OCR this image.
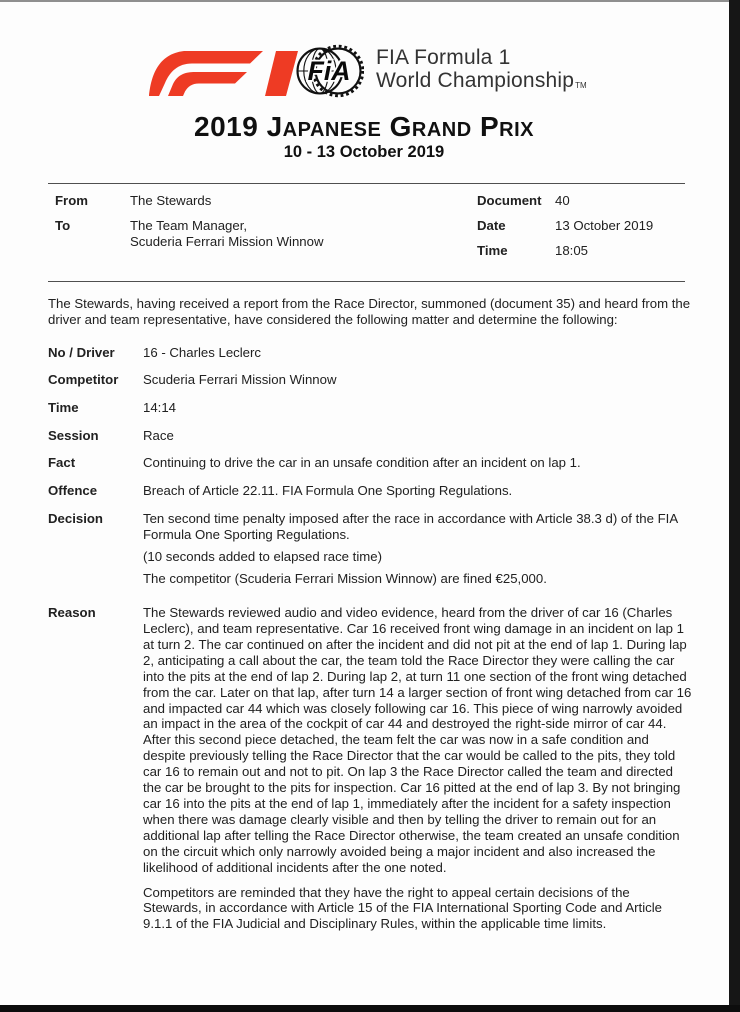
FiA FIA Formula 1
World ChampionshipTM
2019 Japanese Grand Prix
10 - 13 October 2019
From	The Stewards
To	The Team Manager,
Scuderia Ferrari Mission Winnow
Document	40
Date	13 October 2019
Time	18:05

The Stewards, having received a report from the Race Director, summoned (document 35) and heard from the driver and team representative, have considered the following matter and determine the following:

No / Driver	16 - Charles Leclerc
Competitor	Scuderia Ferrari Mission Winnow
Time	14:14
Session	Race
Fact	Continuing to drive the car in an unsafe condition after an incident on lap 1.
Offence	Breach of Article 22.11. FIA Formula One Sporting Regulations.
Decision	Ten second time penalty imposed after the race in accordance with Article 38.3 d) of the FIA Formula One Sporting Regulations.

(10 seconds added to elapsed race time)

The competitor (Scuderia Ferrari Mission Winnow) are fined €25,000.

Reason	The Stewards reviewed audio and video evidence, heard from the driver of car 16 (Charles Leclerc), and team representative. Car 16 received front wing damage in an incident on lap 1 at turn 2. The car continued on after the incident and did not pit at the end of lap 1. During lap 2, anticipating a call about the car, the team told the Race Director they were calling the car into the pits at the end of lap 2. During lap 2, at turn 11 one section of the front wing detached from the car. Later on that lap, after turn 14 a larger section of front wing detached from car 16 and impacted car 44 which was closely following car 16. This piece of wing narrowly avoided an impact in the area of the cockpit of car 44 and destroyed the right-side mirror of car 44. After this second piece detached, the team felt the car was now in a safe condition and despite previously telling the Race Director that the car would be called to the pits, they told car 16 to remain out and not to pit. On lap 3 the Race Director called the team and directed the car be brought to the pits for inspection. Car 16 pitted at the end of lap 3. By not bringing car 16 into the pits at the end of lap 1, immediately after the incident for a safety inspection when there was damage clearly visible and then by telling the driver to remain out for an additional lap after telling the Race Director otherwise, the team created an unsafe condition on the circuit which only narrowly avoided being a major incident and also increased the likelihood of additional incidents after the one noted.

Competitors are reminded that they have the right to appeal certain decisions of the Stewards, in accordance with Article 15 of the FIA International Sporting Code and Article 9.1.1 of the FIA Judicial and Disciplinary Rules, within the applicable time limits.
